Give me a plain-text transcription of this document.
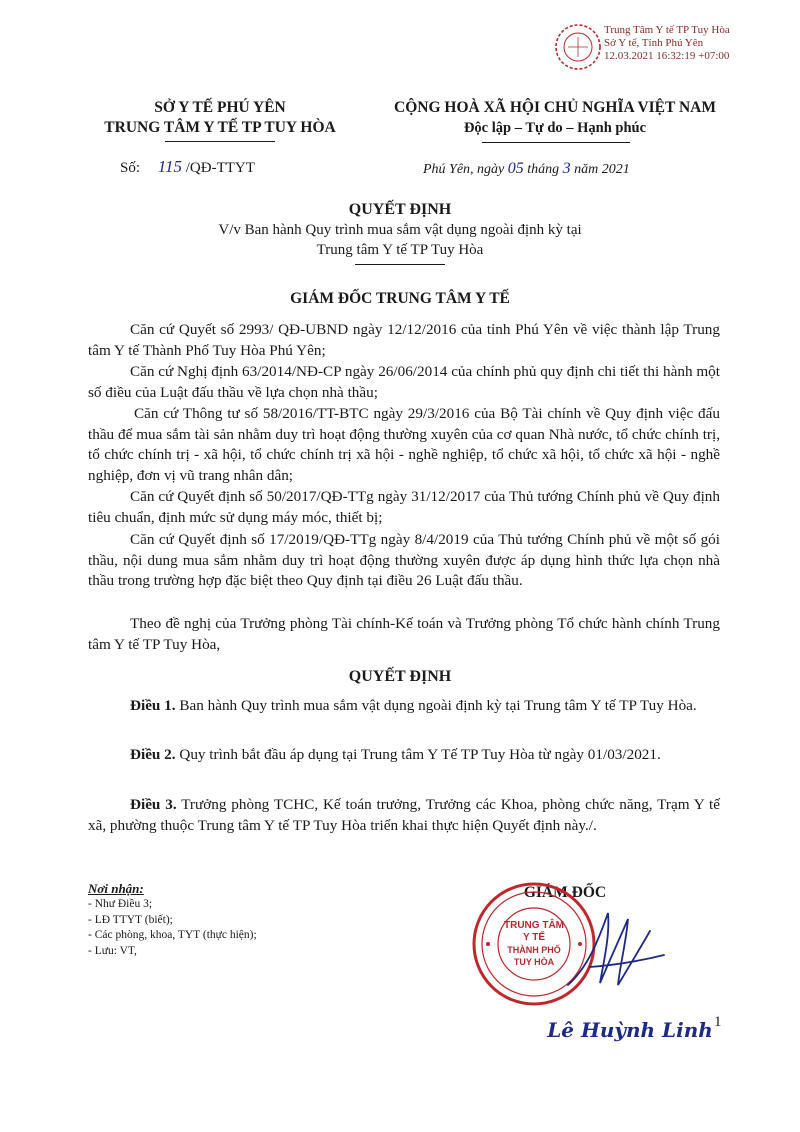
Trung Tâm Y tế TP Tuy Hòa
Sở Y tế, Tỉnh Phú Yên
12.03.2021 16:32:19 +07:00
SỞ Y TẾ PHÚ YÊN
TRUNG TÂM Y TẾ TP TUY HÒA
Số: 115 /QĐ-TTYT
CỘNG HOÀ XÃ HỘI CHỦ NGHĨA VIỆT NAM
Độc lập – Tự do – Hạnh phúc
Phú Yên, ngày 05 tháng 3 năm 2021
QUYẾT ĐỊNH
V/v Ban hành Quy trình mua sắm vật dụng ngoài định kỳ tại
Trung tâm Y tế TP Tuy Hòa
GIÁM ĐỐC TRUNG TÂM Y TẾ
Căn cứ Quyết số 2993/ QĐ-UBND ngày 12/12/2016 của tỉnh Phú Yên về việc thành lập Trung tâm Y tế Thành Phố Tuy Hòa Phú Yên;
Căn cứ Nghị định 63/2014/NĐ-CP ngày 26/06/2014 của chính phủ quy định chi tiết thi hành một số điều của Luật đấu thầu về lựa chọn nhà thầu;
Căn cứ Thông tư số 58/2016/TT-BTC ngày 29/3/2016 của Bộ Tài chính về Quy định việc đấu thầu để mua sắm tài sản nhằm duy trì hoạt động thường xuyên của cơ quan Nhà nước, tổ chức chính trị, tổ chức chính trị - xã hội, tổ chức chính trị xã hội - nghề nghiệp, tổ chức xã hội, tổ chức xã hội - nghề nghiệp, đơn vị vũ trang nhân dân;
Căn cứ Quyết định số 50/2017/QĐ-TTg ngày 31/12/2017 của Thủ tướng Chính phủ về Quy định tiêu chuẩn, định mức sử dụng máy móc, thiết bị;
Căn cứ Quyết định số 17/2019/QĐ-TTg ngày 8/4/2019 của Thủ tướng Chính phủ về một số gói thầu, nội dung mua sắm nhằm duy trì hoạt động thường xuyên được áp dụng hình thức lựa chọn nhà thầu trong trường hợp đặc biệt theo Quy định tại điều 26 Luật đấu thầu.
Theo đề nghị của Trưởng phòng Tài chính-Kế toán và Trưởng phòng Tổ chức hành chính Trung tâm Y tế TP Tuy Hòa,
QUYẾT ĐỊNH
Điều 1. Ban hành Quy trình mua sắm vật dụng ngoài định kỳ tại Trung tâm Y tế TP Tuy Hòa.
Điều 2. Quy trình bắt đầu áp dụng tại Trung tâm Y Tế TP Tuy Hòa từ ngày 01/03/2021.
Điều 3. Trưởng phòng TCHC, Kế toán trưởng, Trưởng các Khoa, phòng chức năng, Trạm Y tế xã, phường thuộc Trung tâm Y tế TP Tuy Hòa triển khai thực hiện Quyết định này./.
Nơi nhận:
- Như Điều 3;
- LĐ TTYT (biết);
- Các phòng, khoa, TYT (thực hiện);
- Lưu: VT,
GIÁM ĐỐC
TRUNG TÂM
Y TẾ
THÀNH PHỐ
TUY HÒA
Lê Huỳnh Linh 1
